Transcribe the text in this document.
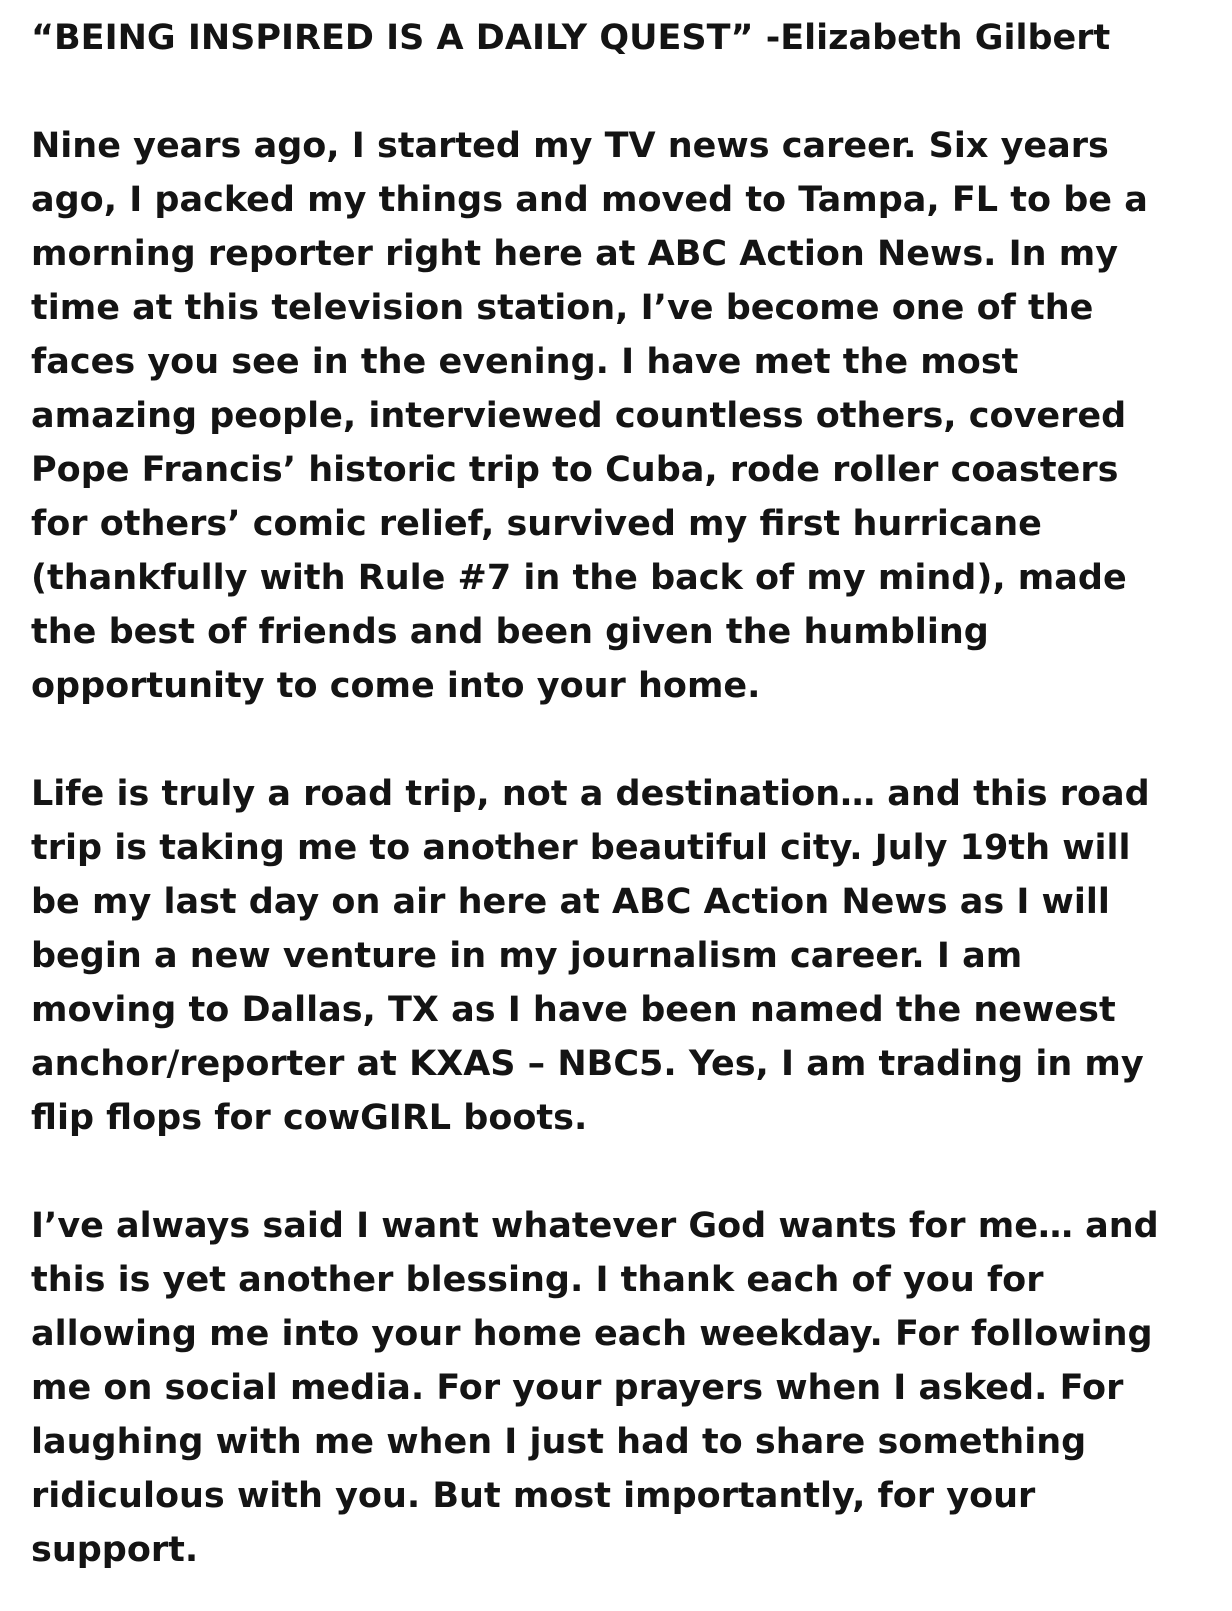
“BEING INSPIRED IS A DAILY QUEST” -Elizabeth Gilbert
Nine years ago, I started my TV news career. Six years
ago, I packed my things and moved to Tampa, FL to be a
morning reporter right here at ABC Action News. In my
time at this television station, I’ve become one of the
faces you see in the evening. I have met the most
amazing people, interviewed countless others, covered
Pope Francis’ historic trip to Cuba, rode roller coasters
for others’ comic relief, survived my first hurricane
(thankfully with Rule #7 in the back of my mind), made
the best of friends and been given the humbling
opportunity to come into your home.
Life is truly a road trip, not a destination… and this road
trip is taking me to another beautiful city. July 19th will
be my last day on air here at ABC Action News as I will
begin a new venture in my journalism career. I am
moving to Dallas, TX as I have been named the newest
anchor/reporter at KXAS – NBC5. Yes, I am trading in my
flip flops for cowGIRL boots.
I’ve always said I want whatever God wants for me… and
this is yet another blessing. I thank each of you for
allowing me into your home each weekday. For following
me on social media. For your prayers when I asked. For
laughing with me when I just had to share something
ridiculous with you. But most importantly, for your
support.
